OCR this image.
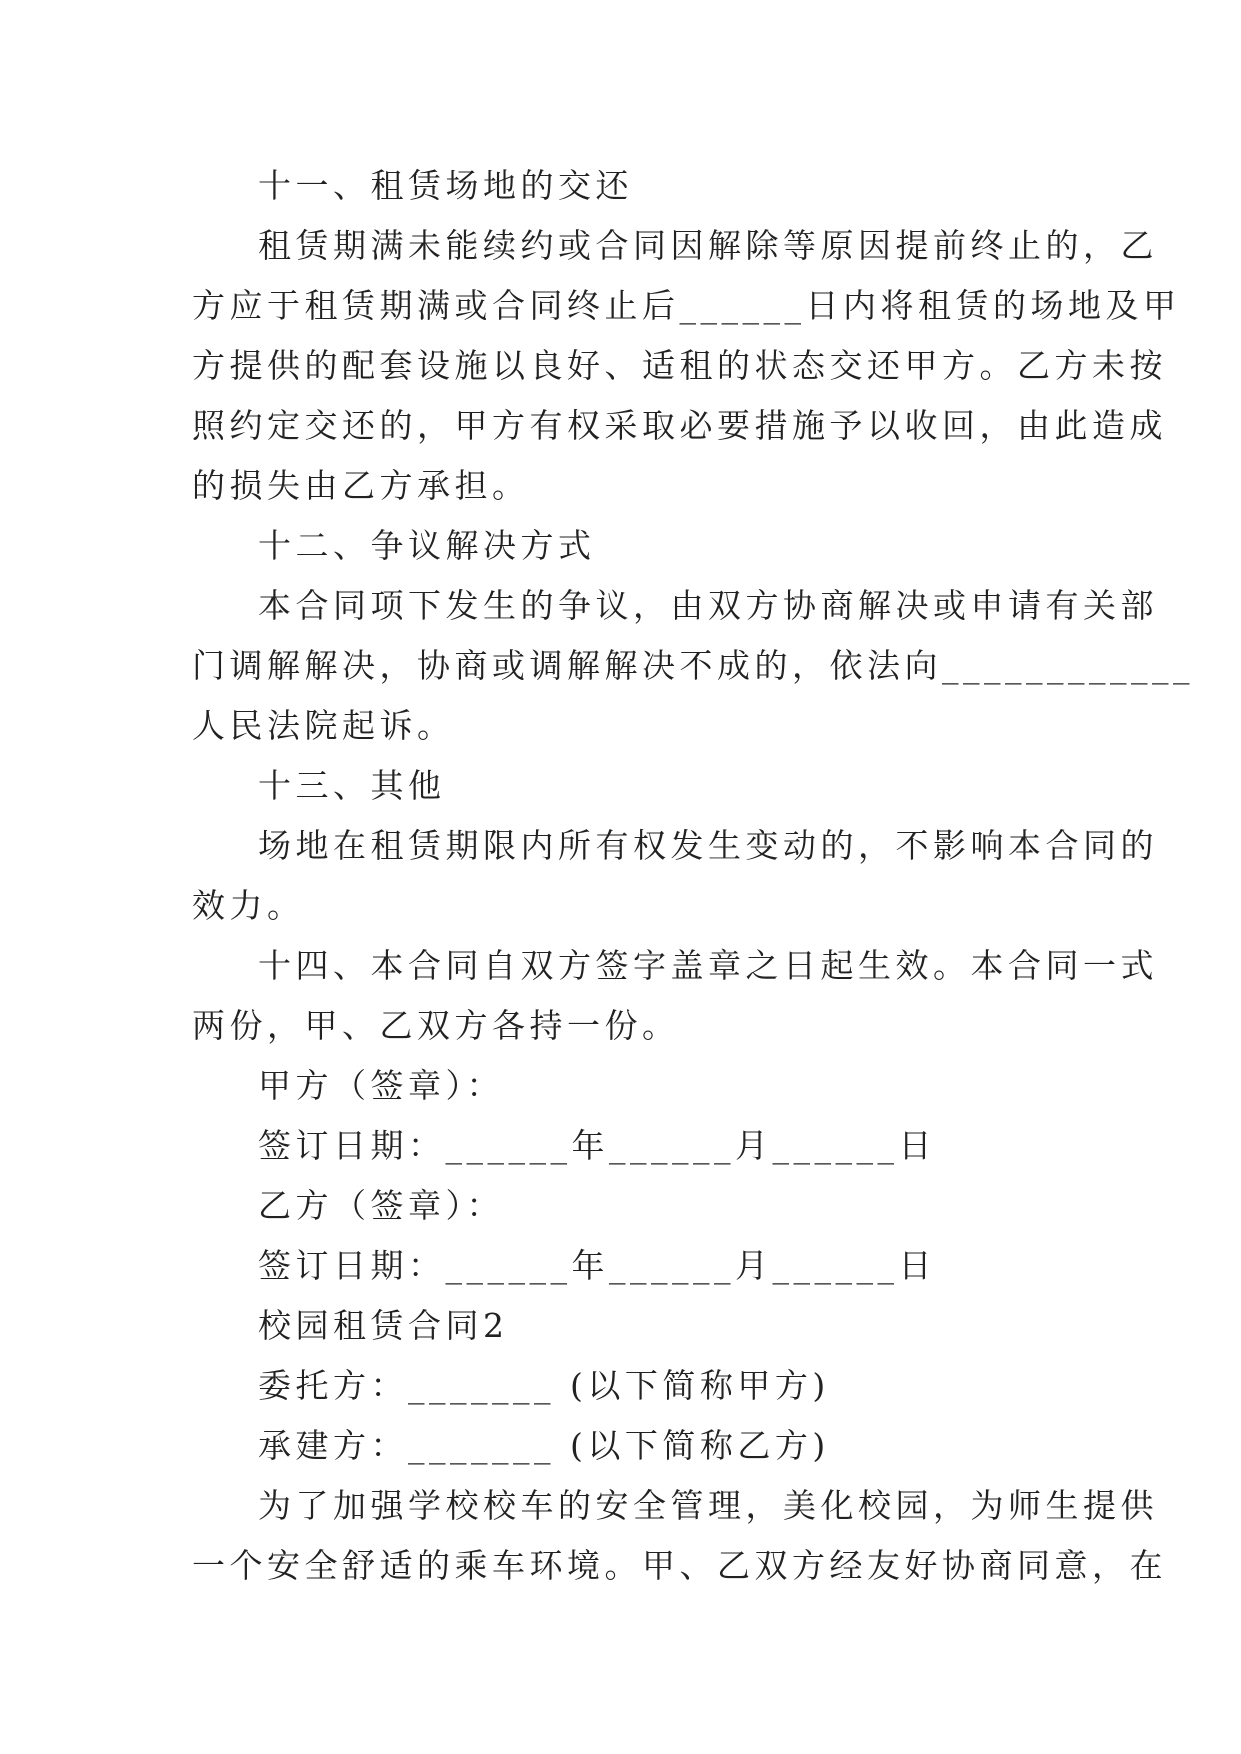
十一、租赁场地的交还
租赁期满未能续约或合同因解除等原因提前终止的，乙
方应于租赁期满或合同终止后______日内将租赁的场地及甲
方提供的配套设施以良好、适租的状态交还甲方。乙方未按
照约定交还的，甲方有权采取必要措施予以收回，由此造成
的损失由乙方承担。
十二、争议解决方式
本合同项下发生的争议，由双方协商解决或申请有关部
门调解解决，协商或调解解决不成的，依法向____________
人民法院起诉。
十三、其他
场地在租赁期限内所有权发生变动的，不影响本合同的
效力。
十四、本合同自双方签字盖章之日起生效。本合同一式
两份，甲、乙双方各持一份。
甲方（签章）：
签订日期：______年______月______日
乙方（签章）：
签订日期：______年______月______日
校园租赁合同2
委托方：_______ (以下简称甲方)
承建方：_______ (以下简称乙方)
为了加强学校校车的安全管理，美化校园，为师生提供
一个安全舒适的乘车环境。甲、乙双方经友好协商同意，在
